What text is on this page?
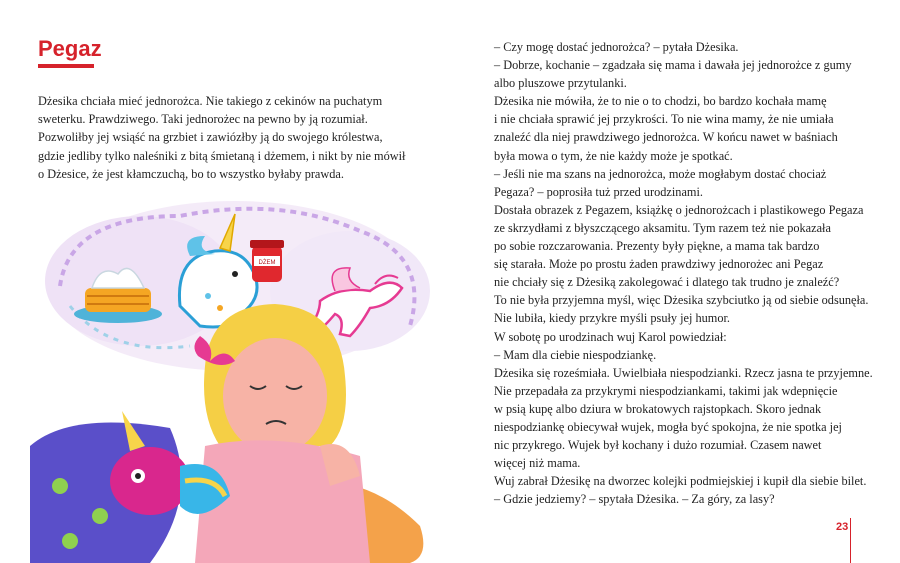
Pegaz
Dżesika chciała mieć jednorożca. Nie takiego z cekinów na puchatym
sweterku. Prawdziwego. Taki jednorożec na pewno by ją rozumiał.
Pozwoliłby jej wsiąść na grzbiet i zawiózłby ją do swojego królestwa,
gdzie jedliby tylko naleśniki z bitą śmietaną i dżemem, i nikt by nie mówił
o Dżesice, że jest kłamczuchą, bo to wszystko byłaby prawda.
DŻEM
– Czy mogę dostać jednorożca? – pytała Dżesika.
– Dobrze, kochanie – zgadzała się mama i dawała jej jednorożce z gumy
albo pluszowe przytulanki.
Dżesika nie mówiła, że to nie o to chodzi, bo bardzo kochała mamę
i nie chciała sprawić jej przykrości. To nie wina mamy, że nie umiała
znaleźć dla niej prawdziwego jednorożca. W końcu nawet w baśniach
była mowa o tym, że nie każdy może je spotkać.
– Jeśli nie ma szans na jednorożca, może mogłabym dostać chociaż
Pegaza? – poprosiła tuż przed urodzinami.
Dostała obrazek z Pegazem, książkę o jednorożcach i plastikowego Pegaza
ze skrzydłami z błyszczącego aksamitu. Tym razem też nie pokazała
po sobie rozczarowania. Prezenty były piękne, a mama tak bardzo
się starała. Może po prostu żaden prawdziwy jednorożec ani Pegaz
nie chciały się z Dżesiką zakolegować i dlatego tak trudno je znaleźć?
To nie była przyjemna myśl, więc Dżesika szybciutko ją od siebie odsunęła.
Nie lubiła, kiedy przykre myśli psuły jej humor.
W sobotę po urodzinach wuj Karol powiedział:
– Mam dla ciebie niespodziankę.
Dżesika się roześmiała. Uwielbiała niespodzianki. Rzecz jasna te przyjemne.
Nie przepadała za przykrymi niespodziankami, takimi jak wdepnięcie
w psią kupę albo dziura w brokatowych rajstopkach. Skoro jednak
niespodziankę obiecywał wujek, mogła być spokojna, że nie spotka jej
nic przykrego. Wujek był kochany i dużo rozumiał. Czasem nawet
więcej niż mama.
Wuj zabrał Dżesikę na dworzec kolejki podmiejskiej i kupił dla siebie bilet.
– Gdzie jedziemy? – spytała Dżesika. – Za góry, za lasy?
23
